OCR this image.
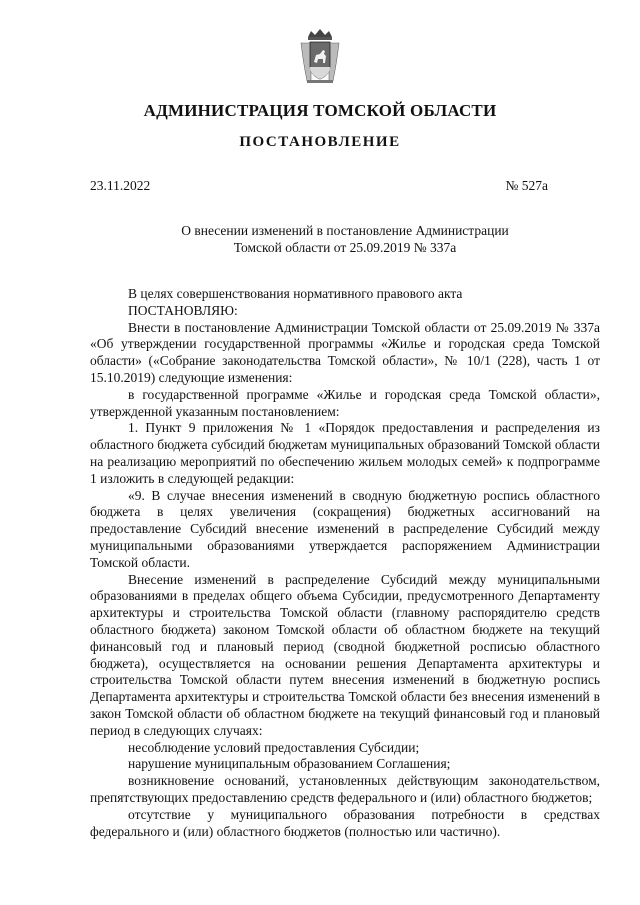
АДМИНИСТРАЦИЯ ТОМСКОЙ ОБЛАСТИ
ПОСТАНОВЛЕНИЕ
23.11.2022	№ 527а
О внесении изменений в постановление Администрации
Томской области от 25.09.2019 № 337а

В целях совершенствования нормативного правового акта

ПОСТАНОВЛЯЮ:

Внести в постановление Администрации Томской области от 25.09.2019 № 337а «Об утверждении государственной программы «Жилье и городская среда Томской области» («Собрание законодательства Томской области», № 10/1 (228), часть 1 от 15.10.2019) следующие изменения:

в государственной программе «Жилье и городская среда Томской области», утвержденной указанным постановлением:

1. Пункт 9 приложения № 1 «Порядок предоставления и распределения из областного бюджета субсидий бюджетам муниципальных образований Томской области на реализацию мероприятий по обеспечению жильем молодых семей» к подпрограмме 1 изложить в следующей редакции:

«9. В случае внесения изменений в сводную бюджетную роспись областного бюджета в целях увеличения (сокращения) бюджетных ассигнований на предоставление Субсидий внесение изменений в распределение Субсидий между муниципальными образованиями утверждается распоряжением Администрации Томской области.

Внесение изменений в распределение Субсидий между муниципальными образованиями в пределах общего объема Субсидии, предусмотренного Департаменту архитектуры и строительства Томской области (главному распорядителю средств областного бюджета) законом Томской области об областном бюджете на текущий финансовый год и плановый период (сводной бюджетной росписью областного бюджета), осуществляется на основании решения Департамента архитектуры и строительства Томской области путем внесения изменений в бюджетную роспись Департамента архитектуры и строительства Томской области без внесения изменений в закон Томской области об областном бюджете на текущий финансовый год и плановый период в следующих случаях:

несоблюдение условий предоставления Субсидии;

нарушение муниципальным образованием Соглашения;

возникновение оснований, установленных действующим законодательством, препятствующих предоставлению средств федерального и (или) областного бюджетов;

отсутствие у муниципального образования потребности в средствах федерального и (или) областного бюджетов (полностью или частично).
